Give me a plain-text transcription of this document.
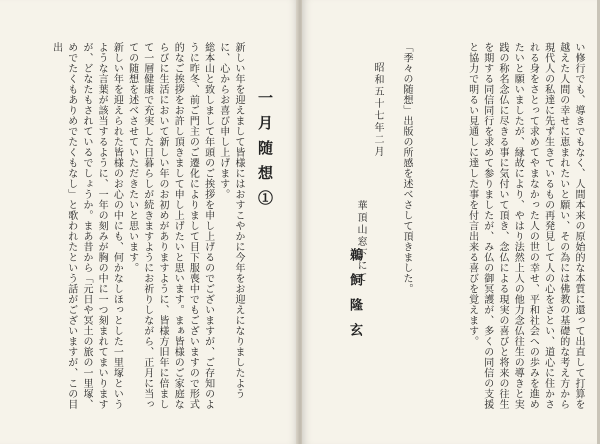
新しい年を迎えまして皆様にはおすこやかに今年をお迎えになりましたように、心からお喜び申し上げます。
総本山と致しまして年頭のご挨拶を申し上げるのでございますが、ご存知のように昨冬、前ご門主のご遷化によりまして目下服喪中でもございますので形式的なご挨拶をお許し頂きまして申し上げたいと思います。まぁ皆様のご家庭ならびに生活において新しい年のお初めがありますように、皆様方旧年に倍まして一層健康で充実した日暮らしが続きますようにお祈りしながら、正月に当っての随想を述べさせていただきたいと思います。
新しい年を迎えられた皆様のお心の中にも、何かなしほっとした一里塚というような言葉が該当するように、一年の刻みが胸の中に一つ刻まれてまいりますが、どなたもされているでしょうか。まあ昔から「元日や冥土の旅の一里塚、めでたくもありめでたくもなし」と歌われたという話がございますが、この目出
一月随想①	い修行でも、導きでもなく、人間本来の原始的な本質に還って出直して打算を越えた人間の幸せに恵まれたいと願い、その為には佛教の基礎的な考え方から現代人の私達に先ず生きているもの再発見して人の心をさとい、道心に住かされる身をさとって求めてやまなかった人の世の幸せ、平和社会への歩みを進めたいと願いましたが、縁故により、やはり法然上人の他力念仏往生の導きと実践の称名念仏に尽きる事に気付いて頂き、念仏による現実の喜びと将来の往生を期する同信同行を求めて参りましたが、み仏の御冥護が、多くの同信の支援と協力で明るい見通しに達した事を付言出来る喜びを覚えます。
「季々の随想」出版の所感を述べさして頂きました。
昭和五十七年二月
華頂山窓下にて
鵜飼隆玄
